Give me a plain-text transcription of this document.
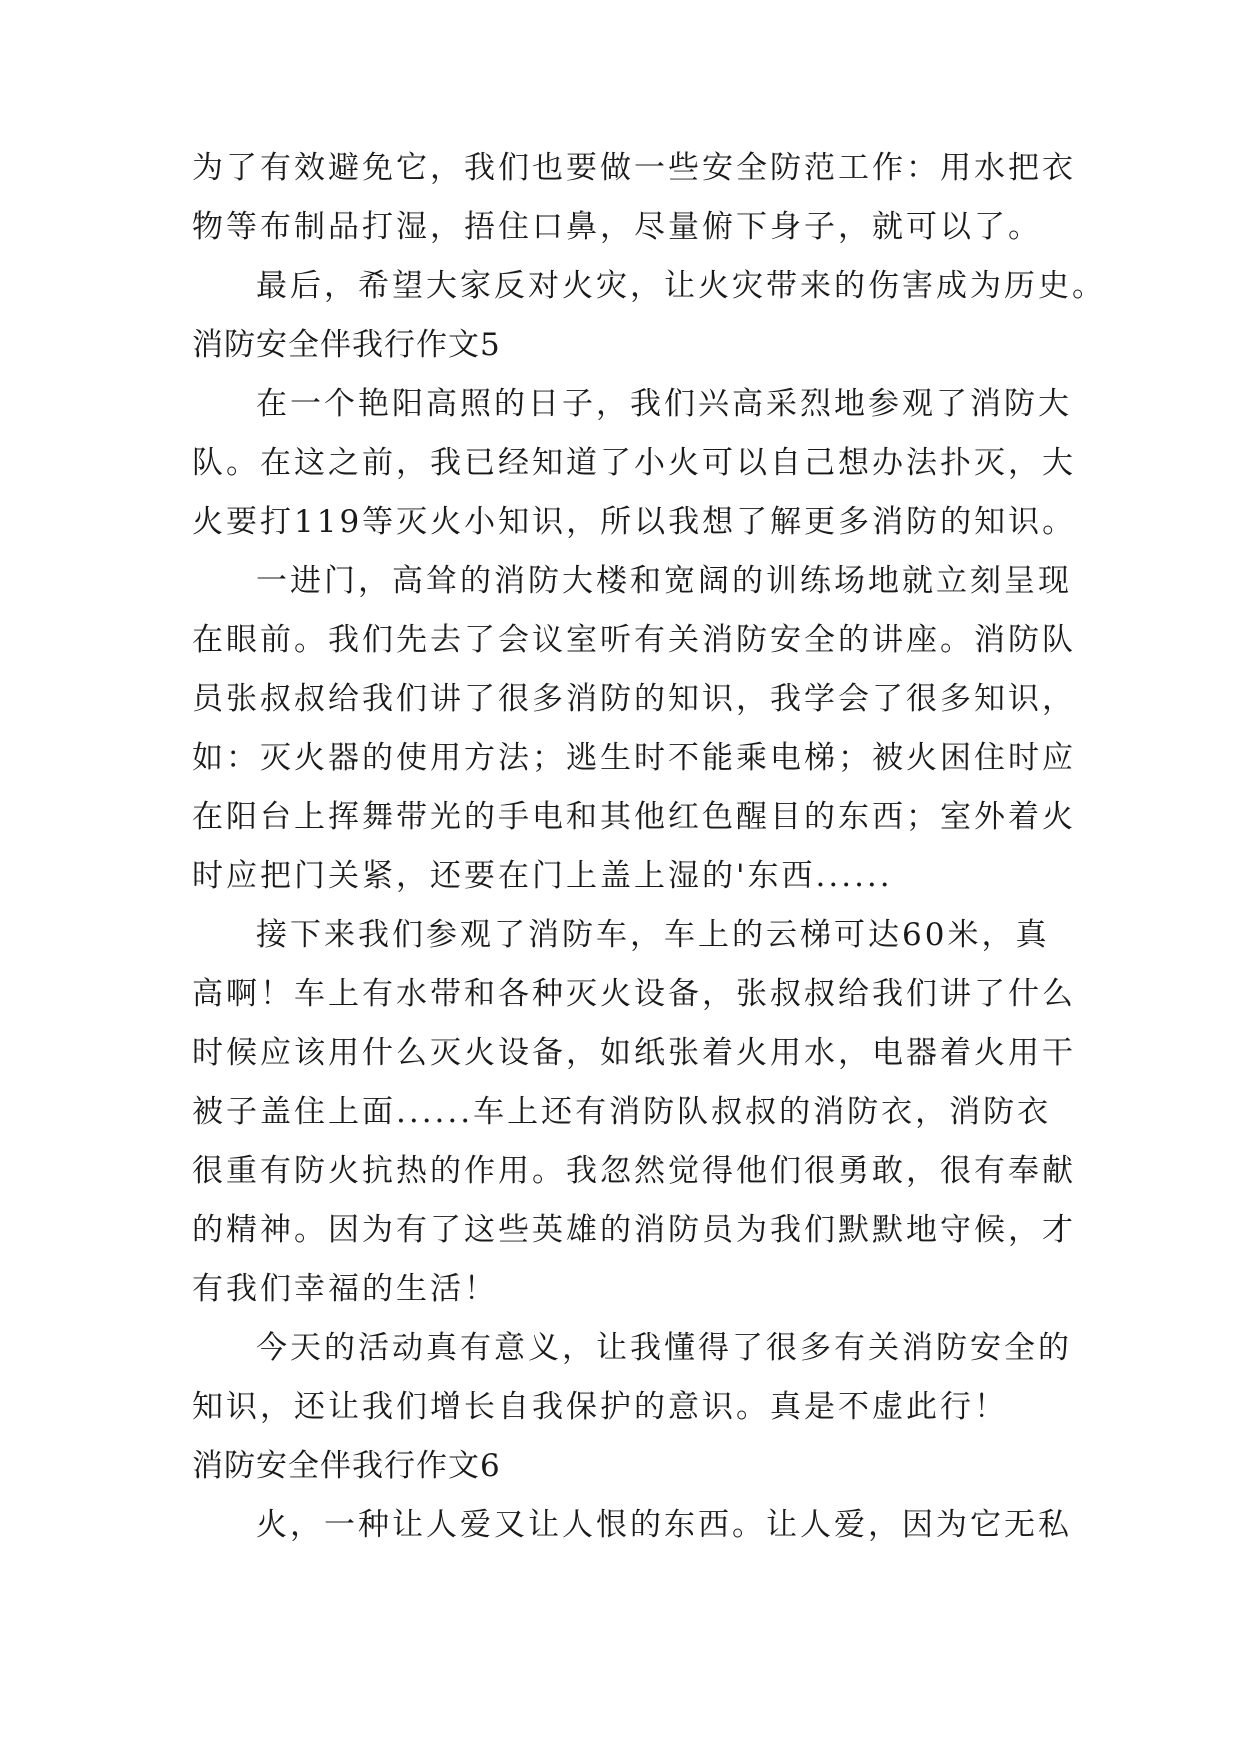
为了有效避免它，我们也要做一些安全防范工作：用水把衣
物等布制品打湿，捂住口鼻，尽量俯下身子，就可以了。
最后，希望大家反对火灾，让火灾带来的伤害成为历史。
消防安全伴我行作文5
在一个艳阳高照的日子，我们兴高采烈地参观了消防大
队。在这之前，我已经知道了小火可以自己想办法扑灭，大
火要打119等灭火小知识，所以我想了解更多消防的知识。
一进门，高耸的消防大楼和宽阔的训练场地就立刻呈现
在眼前。我们先去了会议室听有关消防安全的讲座。消防队
员张叔叔给我们讲了很多消防的知识，我学会了很多知识，
如：灭火器的使用方法；逃生时不能乘电梯；被火困住时应
在阳台上挥舞带光的手电和其他红色醒目的东西；室外着火
时应把门关紧，还要在门上盖上湿的'东西......
接下来我们参观了消防车，车上的云梯可达60米，真
高啊！车上有水带和各种灭火设备，张叔叔给我们讲了什么
时候应该用什么灭火设备，如纸张着火用水，电器着火用干
被子盖住上面......车上还有消防队叔叔的消防衣，消防衣
很重有防火抗热的作用。我忽然觉得他们很勇敢，很有奉献
的精神。因为有了这些英雄的消防员为我们默默地守候，才
有我们幸福的生活！
今天的活动真有意义，让我懂得了很多有关消防安全的
知识，还让我们增长自我保护的意识。真是不虚此行！
消防安全伴我行作文6
火，一种让人爱又让人恨的东西。让人爱，因为它无私
